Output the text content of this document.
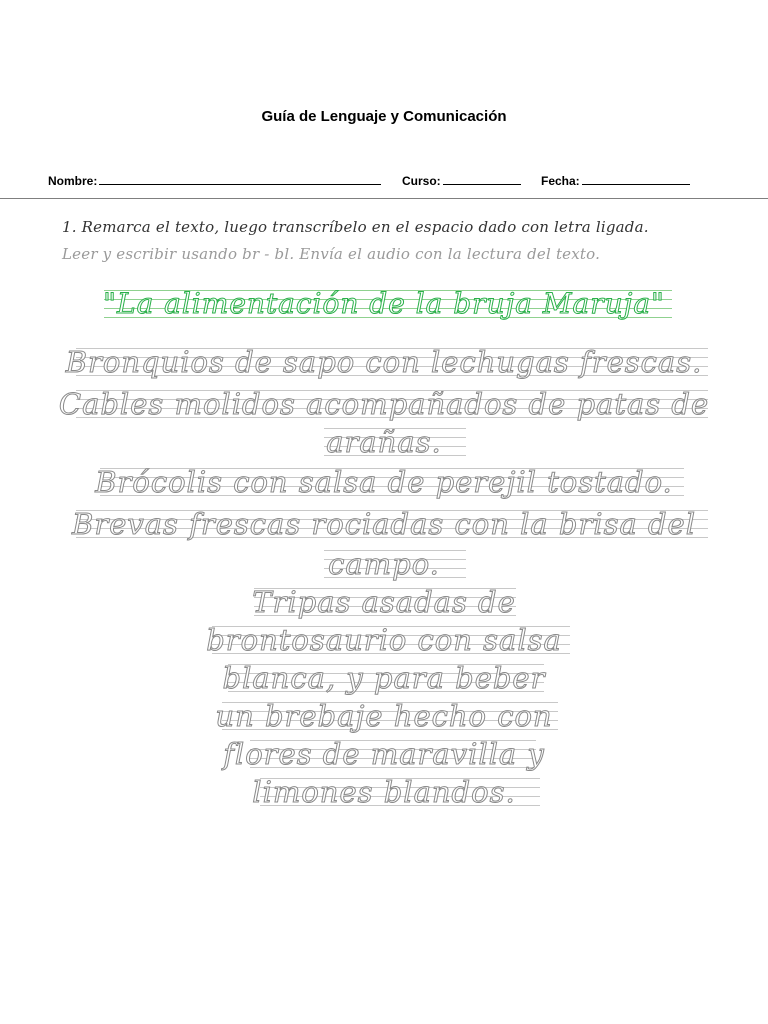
Guía de Lenguaje y Comunicación
Nombre:	Curso:	Fecha:
1. Remarca el texto, luego transcríbelo en el espacio dado con letra ligada.
Leer y escribir usando br - bl. Envía el audio con la lectura del texto.
"La alimentación de la bruja Maruja"
Bronquios de sapo con lechugas frescas.
Cables molidos acompañados de patas de
arañas.
Brócolis con salsa de perejil tostado.
Brevas frescas rociadas con la brisa del
campo.
Tripas asadas de
brontosaurio con salsa
blanca, y para beber
un brebaje hecho con
flores de maravilla y
limones blandos.
